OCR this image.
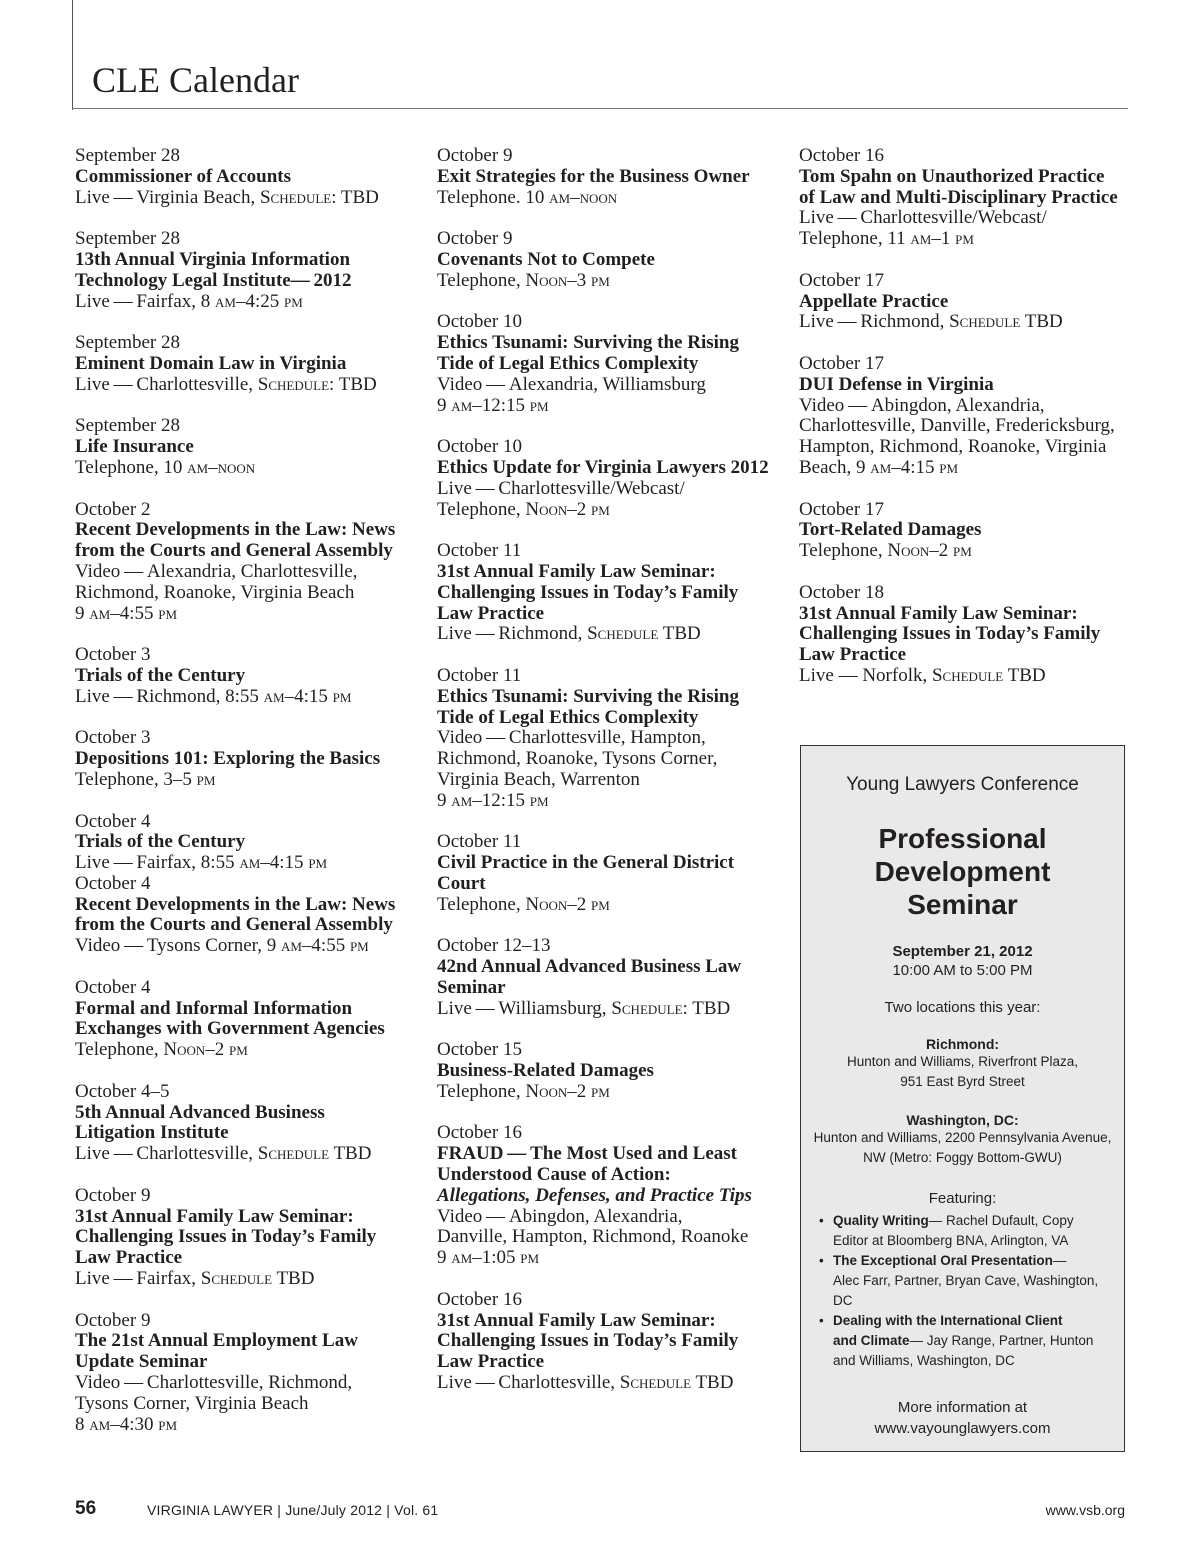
CLE Calendar
September 28
Commissioner of Accounts
Live — Virginia Beach, Schedule: TBD
September 28
13th Annual Virginia Information
Technology Legal Institute— 2012
Live — Fairfax, 8 am–4:25 pm
September 28
Eminent Domain Law in Virginia
Live — Charlottesville, Schedule: TBD
September 28
Life Insurance
Telephone, 10 am–noon
October 2
Recent Developments in the Law: News
from the Courts and General Assembly
Video — Alexandria, Charlottesville,
Richmond, Roanoke, Virginia Beach
9 am–4:55 pm
October 3
Trials of the Century
Live — Richmond, 8:55 am–4:15 pm
October 3
Depositions 101: Exploring the Basics
Telephone, 3–5 pm
October 4
Trials of the Century
Live — Fairfax, 8:55 am–4:15 pm
October 4
Recent Developments in the Law: News
from the Courts and General Assembly
Video — Tysons Corner, 9 am–4:55 pm
October 4
Formal and Informal Information
Exchanges with Government Agencies
Telephone, Noon–2 pm
October 4–5
5th Annual Advanced Business
Litigation Institute
Live — Charlottesville, Schedule TBD
October 9
31st Annual Family Law Seminar:
Challenging Issues in Today’s Family
Law Practice
Live — Fairfax, Schedule TBD
October 9
The 21st Annual Employment Law
Update Seminar
Video — Charlottesville, Richmond,
Tysons Corner, Virginia Beach
8 am–4:30 pm
October 9
Exit Strategies for the Business Owner
Telephone. 10 am–noon
October 9
Covenants Not to Compete
Telephone, Noon–3 pm
October 10
Ethics Tsunami: Surviving the Rising
Tide of Legal Ethics Complexity
Video — Alexandria, Williamsburg
9 am–12:15 pm
October 10
Ethics Update for Virginia Lawyers 2012
Live — Charlottesville/Webcast/
Telephone, Noon–2 pm
October 11
31st Annual Family Law Seminar:
Challenging Issues in Today’s Family
Law Practice
Live — Richmond, Schedule TBD
October 11
Ethics Tsunami: Surviving the Rising
Tide of Legal Ethics Complexity
Video — Charlottesville, Hampton,
Richmond, Roanoke, Tysons Corner,
Virginia Beach, Warrenton
9 am–12:15 pm
October 11
Civil Practice in the General District
Court
Telephone, Noon–2 pm
October 12–13
42nd Annual Advanced Business Law
Seminar
Live — Williamsburg, Schedule: TBD
October 15
Business-Related Damages
Telephone, Noon–2 pm
October 16
FRAUD — The Most Used and Least
Understood Cause of Action:
Allegations, Defenses, and Practice Tips
Video — Abingdon, Alexandria,
Danville, Hampton, Richmond, Roanoke
9 am–1:05 pm
October 16
31st Annual Family Law Seminar:
Challenging Issues in Today’s Family
Law Practice
Live — Charlottesville, Schedule TBD
October 16
Tom Spahn on Unauthorized Practice
of Law and Multi-Disciplinary Practice
Live — Charlottesville/Webcast/
Telephone, 11 am–1 pm
October 17
Appellate Practice
Live — Richmond, Schedule TBD
October 17
DUI Defense in Virginia
Video — Abingdon, Alexandria,
Charlottesville, Danville, Fredericksburg,
Hampton, Richmond, Roanoke, Virginia
Beach, 9 am–4:15 pm
October 17
Tort-Related Damages
Telephone, Noon–2 pm
October 18
31st Annual Family Law Seminar:
Challenging Issues in Today’s Family
Law Practice
Live — Norfolk, Schedule TBD
Young Lawyers Conference
Professional
Development
Seminar
September 21, 2012
10:00 AM to 5:00 PM
Two locations this year:
Richmond:
Hunton and Williams, Riverfront Plaza,
951 East Byrd Street
Washington, DC:
Hunton and Williams, 2200 Pennsylvania Avenue,
NW (Metro: Foggy Bottom-GWU)
Featuring:
• Quality Writing— Rachel Dufault, Copy
Editor at Bloomberg BNA, Arlington, VA
• The Exceptional Oral Presentation—
Alec Farr, Partner, Bryan Cave, Washington, DC
• Dealing with the International Client
and Climate— Jay Range, Partner, Hunton
and Williams, Washington, DC
More information at
www.vayounglawyers.com
56	VIRGINIA LAWYER | June/July 2012 | Vol. 61	www.vsb.org
